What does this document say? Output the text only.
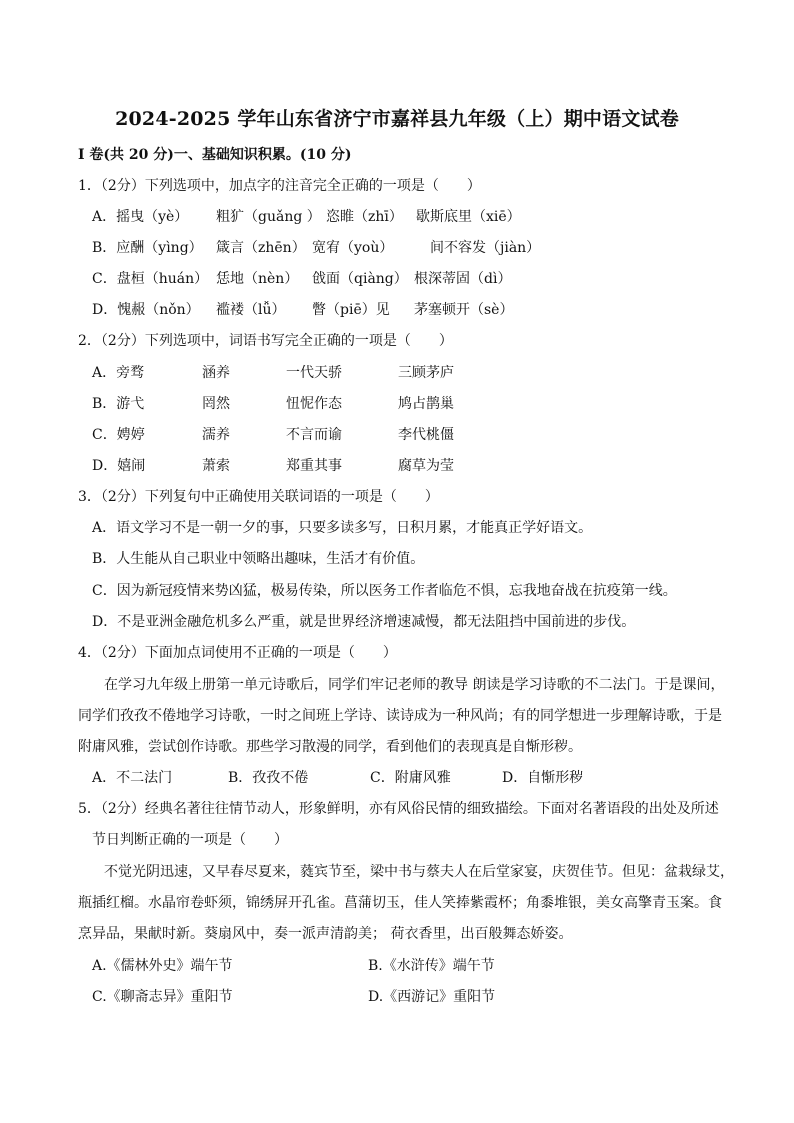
2024-2025 学年山东省济宁市嘉祥县九年级（上）期中语文试卷
I 卷(共 20 分)一、基础知识积累。(10 分)
1．（2分）下列选项中，加点字的注音完全正确的一项是（　　）
A．摇曳（yè） 粗犷（guǎng ） 恣睢（zhī） 歇斯底里（xiē）
B．应酬（yìng） 箴言（zhēn） 宽宥（yoù）	间不容发（jiàn）
C．盘桓（huán） 恁地（nèn） 戗面（qiàng） 根深蒂固（dì）
D．愧赧（nǒn） 褴褛（lǚ） 瞥（piē）见 茅塞顿开（sè）
2．（2分）下列选项中，词语书写完全正确的一项是（　　）
A．旁骛	涵养	一代天骄	三顾茅庐
B．游弋	罔然	忸怩作态	鸠占鹊巢
C．娉婷	濡养	不言而谕	李代桃僵
D．嬉闹	萧索	郑重其事	腐草为莹
3．（2分）下列复句中正确使用关联词语的一项是（　　）
A．语文学习不是一朝一夕的事，只要多读多写，日积月累，才能真正学好语文。
B．人生能从自己职业中领略出趣味，生活才有价值。
C．因为新冠疫情来势凶猛，极易传染，所以医务工作者临危不惧，忘我地奋战在抗疫第一线。
D．不是亚洲金融危机多么严重，就是世界经济增速减慢，都无法阻挡中国前进的步伐。
4．（2分）下面加点词使用不正确的一项是（　　）
在学习九年级上册第一单元诗歌后，同学们牢记老师的教导 朗读是学习诗歌的不二法门。于是课间，
同学们孜孜不倦地学习诗歌，一时之间班上学诗、读诗成为一种风尚；有的同学想进一步理解诗歌，于是
附庸风雅，尝试创作诗歌。那些学习散漫的同学，看到他们的表现真是自惭形秽。
A．不二法门	B．孜孜不倦	C．附庸风雅	D．自惭形秽
5．（2分）经典名著往往情节动人，形象鲜明，亦有风俗民情的细致描绘。下面对名著语段的出处及所述
节日判断正确的一项是（　　）
不觉光阴迅速，又早春尽夏来，蕤宾节至，梁中书与蔡夫人在后堂家宴，庆贺佳节。但见：盆栽绿艾，
瓶插红榴。水晶帘卷虾须，锦绣屏开孔雀。菖蒲切玉，佳人笑捧紫霞杯；角黍堆银，美女高擎青玉案。食
烹异品，果献时新。葵扇风中，奏一派声清韵美； 荷衣香里，出百般舞态娇姿。
A.《儒林外史》端午节	B.《水浒传》端午节
C.《聊斋志异》重阳节	D.《西游记》重阳节
